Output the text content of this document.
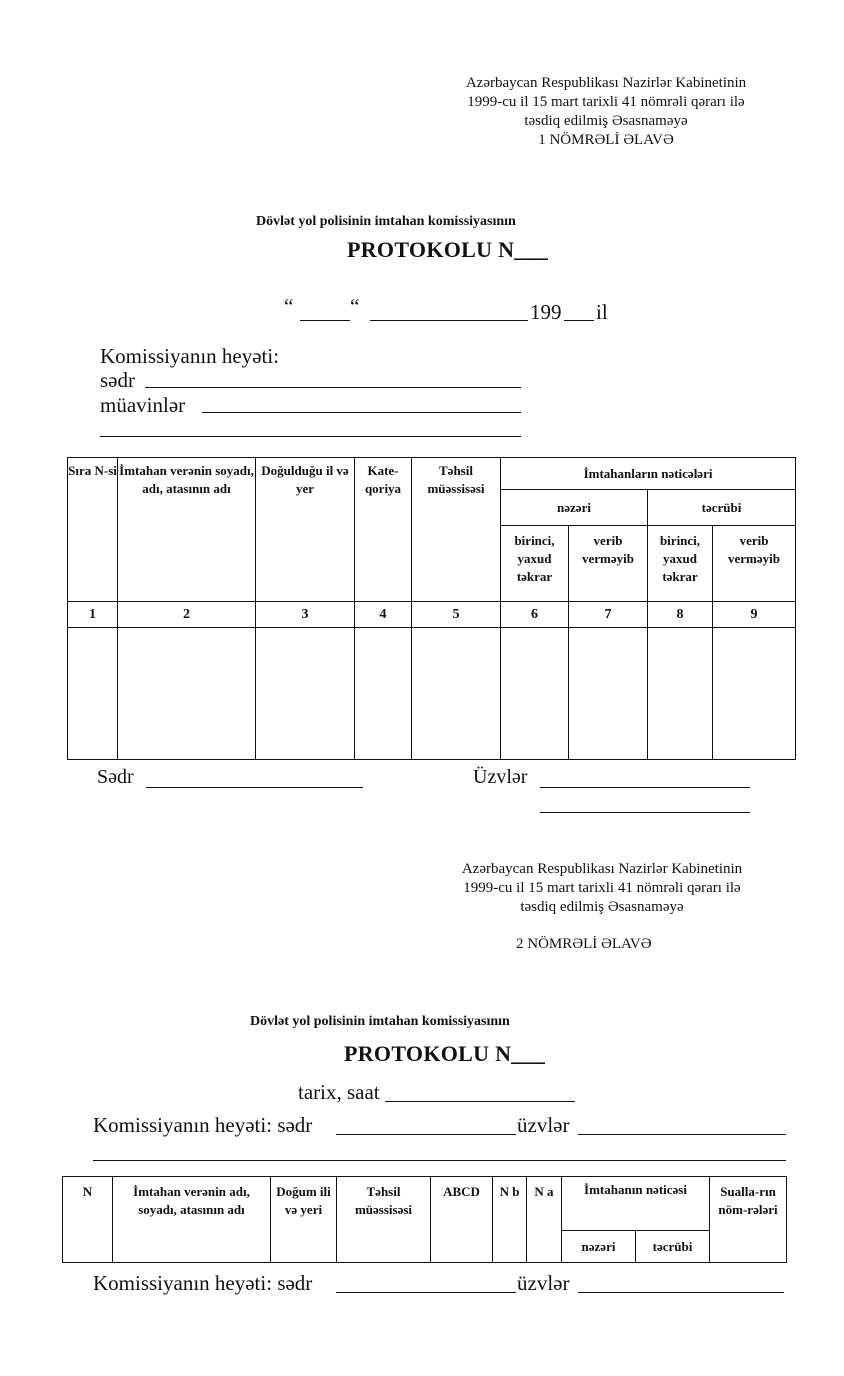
Azərbaycan Respublikası Nazirlər Kabinetinin
1999-cu il 15 mart tarixli 41 nömrəli qərarı ilə
təsdiq edilmiş Əsasnaməyə
1 NÖMRƏLİ ƏLAVƏ
Dövlət yol polisinin imtahan komissiyasının
PROTOKOLU N___
“	“	199 il
Komissiyanın heyəti:
sədr
müavinlər
Sıra N-si	İmtahan verənin soyadı, adı, atasının adı	Doğulduğu il və yer	Kate-qoriya	Təhsil müəssisəsi	İmtahanların nəticələri			
					nəzəri		təcrübi	
					birinci, yaxud təkrar	verib verməyib	birinci, yaxud təkrar	verib verməyib
1	2	3	4	5	6	7	8	9

Sədr	Üzvlər
Azərbaycan Respublikası Nazirlər Kabinetinin
1999-cu il 15 mart tarixli 41 nömrəli qərarı ilə
təsdiq edilmiş Əsasnaməyə
2 NÖMRƏLİ ƏLAVƏ
Dövlət yol polisinin imtahan komissiyasının
PROTOKOLU N___
tarix, saat
Komissiyanın heyəti: sədr	üzvlər
N	İmtahan verənin adı, soyadı, atasının adı	Doğum ili və yeri	Təhsil müəssisəsi	ABCD	N b	N a	İmtahanın nəticəsi		Sualla-rın nöm-rələri
							nəzəri	təcrübi	
Komissiyanın heyəti: sədr	üzvlər
